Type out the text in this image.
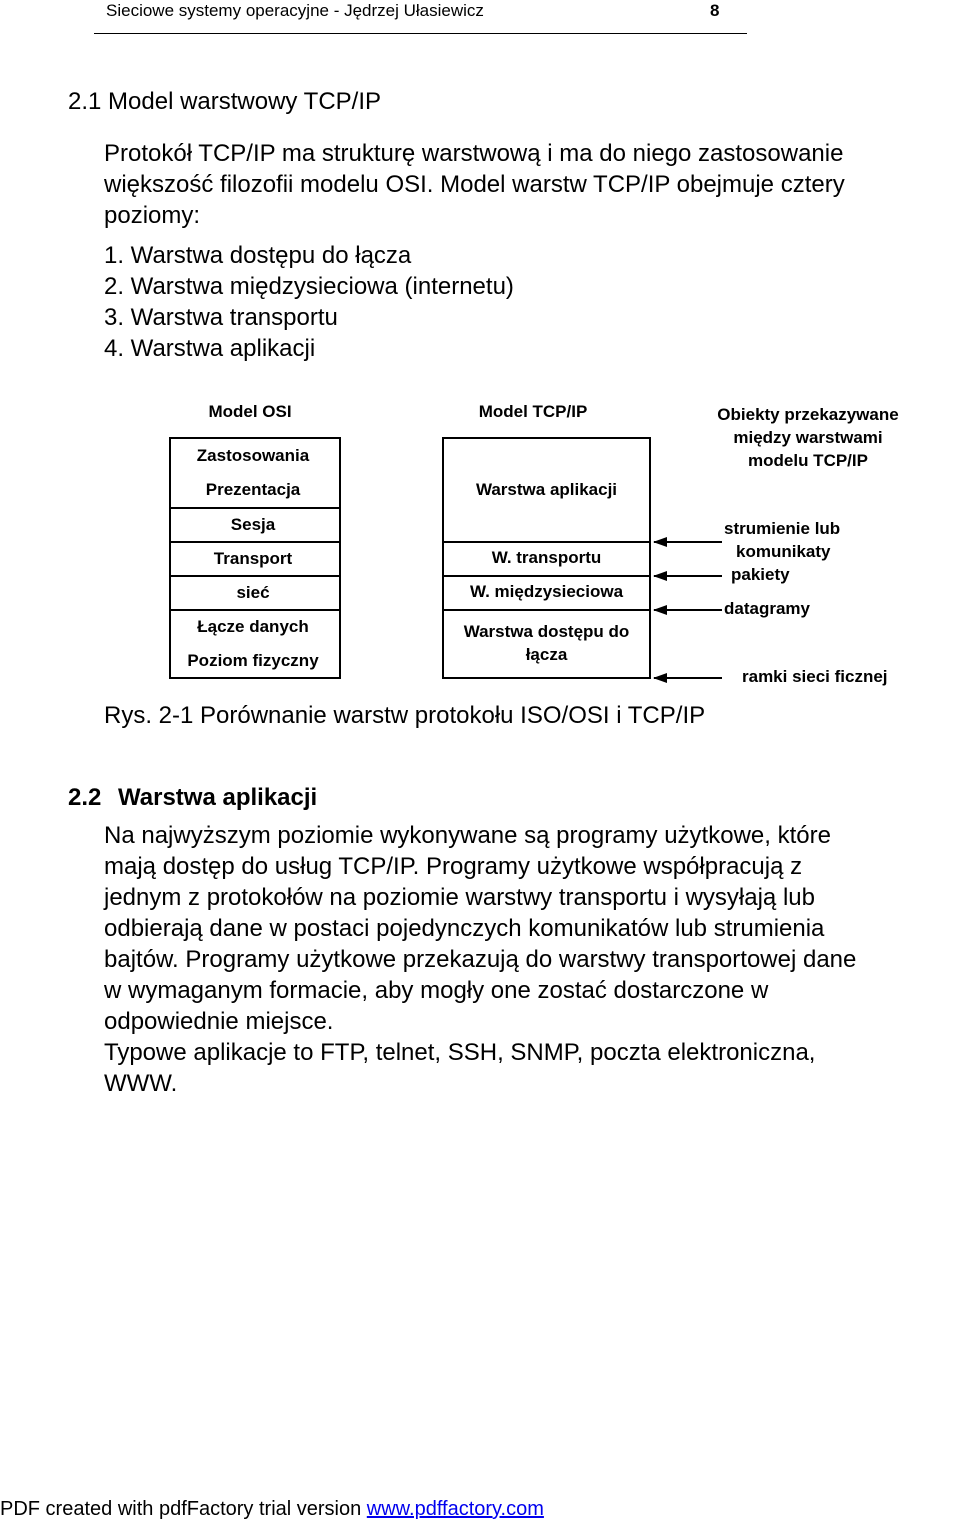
Sieciowe systemy operacyjne - Jędrzej Ułasiewicz	8
2.1 Model warstwowy TCP/IP
Protokół TCP/IP ma strukturę warstwową i ma do niego zastosowanie
większość filozofii modelu OSI. Model warstw TCP/IP obejmuje cztery
poziomy:
1. Warstwa dostępu do łącza
2. Warstwa międzysieciowa (internetu)
3. Warstwa transportu
4. Warstwa aplikacji
Model OSI	Model TCP/IP	Obiekty przekazywane
między warstwami
modelu TCP/IP
Zastosowania
Prezentacja
Sesja
Transport
sieć
Łącze danych
Poziom fizyczny
Warstwa aplikacji
W. transportu
W. międzysieciowa
Warstwa dostępu do
łącza
strumienie lub
komunikaty
pakiety
datagramy
ramki sieci ficznej
Rys. 2-1 Porównanie warstw protokołu ISO/OSI i TCP/IP
2.2 Warstwa aplikacji
Na najwyższym poziomie wykonywane są programy użytkowe, które
mają dostęp do usług TCP/IP. Programy użytkowe współpracują z
jednym z protokołów na poziomie warstwy transportu i wysyłają lub
odbierają dane w postaci pojedynczych komunikatów lub strumienia
bajtów. Programy użytkowe przekazują do warstwy transportowej dane
w wymaganym formacie, aby mogły one zostać dostarczone w
odpowiednie miejsce.
Typowe aplikacje to FTP, telnet, SSH, SNMP, poczta elektroniczna,
WWW.
PDF created with pdfFactory trial version www.pdffactory.com
